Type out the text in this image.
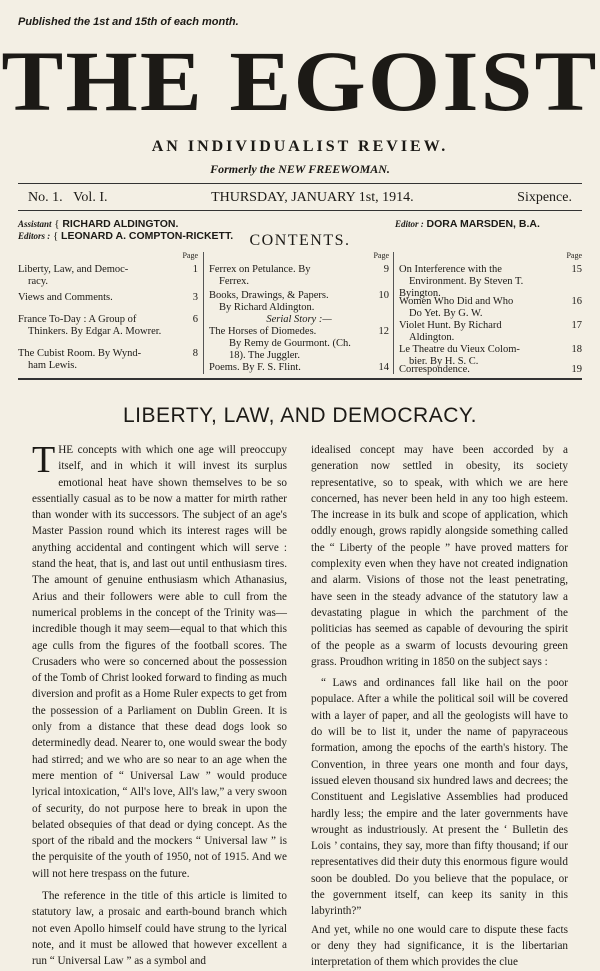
Published the 1st and 15th of each month.
THE EGOIST
AN INDIVIDUALIST REVIEW.
Formerly the NEW FREEWOMAN.
No. 1. Vol. I.	THURSDAY, JANUARY 1st, 1914.	Sixpence.
Assistant { RICHARD ALDINGTON.
Editors : { LEONARD A. COMPTON-RICKETT.
Editor : DORA MARSDEN, B.A.
CONTENTS.
Page
Liberty, Law, and Democ-
racy.
1
Views and Comments.	3
France To-Day : A Group of
Thinkers. By Edgar A. Mowrer.
6
The Cubist Room. By Wynd-
ham Lewis.
8
Page
Ferrex on Petulance. By
Ferrex.
9
Books, Drawings, & Papers.
By Richard Aldington.
10
Serial Story :—
The Horses of Diomedes.
By Remy de Gourmont. (Ch. 18). The Juggler.
12
Poems. By F. S. Flint.	14
Page
On Interference with the
Environment. By Steven T. Byington.
15
Women Who Did and Who
Do Yet. By G. W.
16
Violet Hunt. By Richard
Aldington.
17
Le Theatre du Vieux Colom-
bier. By H. S. C.
18
Correspondence.	19
LIBERTY, LAW, AND DEMOCRACY.

THE concepts with which one age will preoccupy itself, and in which it will invest its surplus emotional heat have shown themselves to be so essentially casual as to be now a matter for mirth rather than wonder with its successors. The subject of an age's Master Passion round which its interest rages will be anything accidental and contingent which will serve : stand the heat, that is, and last out until enthusiasm tires. The amount of genuine enthusiasm which Athanasius, Arius and their followers were able to cull from the numerical problems in the concept of the Trinity was—incredible though it may seem—equal to that which this age culls from the figures of the football scores. The Crusaders who were so concerned about the possession of the Tomb of Christ looked forward to finding as much diversion and profit as a Home Ruler expects to get from the possession of a Parliament on Dublin Green. It is only from a distance that these dead dogs look so determinedly dead. Nearer to, one would swear the body had stirred; and we who are so near to an age when the mere mention of “ Universal Law ” would produce lyrical intoxication, “ All's love, All's law,” a very swoon of security, do not purpose here to break in upon the belated obsequies of that dead or dying concept. As the sport of the ribald and the mockers “ Universal law ” is the perquisite of the youth of 1950, not of 1915. And we will not here trespass on the future.

The reference in the title of this article is limited to statutory law, a prosaic and earth-bound branch which not even Apollo himself could have strung to the lyrical note, and it must be allowed that however excellent a run “ Universal Law ” as a symbol and

idealised concept may have been accorded by a generation now settled in obesity, its society representative, so to speak, with which we are here concerned, has never been held in any too high esteem. The increase in its bulk and scope of application, which oddly enough, grows rapidly alongside something called the “ Liberty of the people ” have proved matters for complexity even when they have not created indignation and alarm. Visions of those not the least penetrating, have seen in the steady advance of the statutory law a devastating plague in which the parchment of the politicias has seemed as capable of devouring the spirit of the people as a swarm of locusts devouring green grass. Proudhon writing in 1850 on the subject says :

“ Laws and ordinances fall like hail on the poor populace. After a while the political soil will be covered with a layer of paper, and all the geologists will have to do will be to list it, under the name of papyraceous formation, among the epochs of the earth's history. The Convention, in three years one month and four days, issued eleven thousand six hundred laws and decrees; the Constituent and Legislative Assemblies had produced hardly less; the empire and the later governments have wrought as industriously. At present the ‘ Bulletin des Lois ’ contains, they say, more than fifty thousand; if our representatives did their duty this enormous figure would soon be doubled. Do you believe that the populace, or the government itself, can keep its sanity in this labyrinth?”

And yet, while no one would care to dispute these facts or deny they had significance, it is the libertarian interpretation of them which provides the clue
